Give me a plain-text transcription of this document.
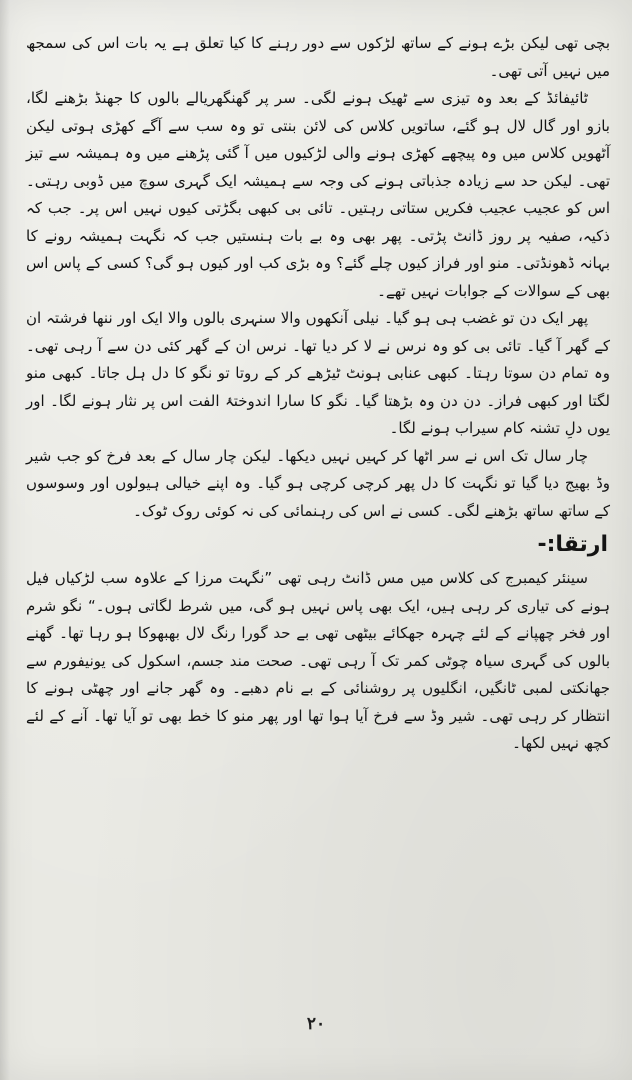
بچی تھی لیکن بڑے ہونے کے ساتھ لڑکوں سے دور رہنے کا کیا تعلق ہے یہ بات اس کی سمجھ میں نہیں آتی تھی۔

ٹائیفائڈ کے بعد وہ تیزی سے ٹھیک ہونے لگی۔ سر پر گھنگھریالے بالوں کا جھنڈ بڑھنے لگا، بازو اور گال لال ہو گئے، ساتویں کلاس کی لائن بنتی تو وہ سب سے آگے کھڑی ہوتی لیکن آٹھویں کلاس میں وہ پیچھے کھڑی ہونے والی لڑکیوں میں آ گئی پڑھنے میں وہ ہمیشہ سے تیز تھی۔ لیکن حد سے زیادہ جذباتی ہونے کی وجہ سے ہمیشہ ایک گہری سوچ میں ڈوبی رہتی۔ اس کو عجیب عجیب فکریں ستاتی رہتیں۔ تائی بی کبھی بگڑتی کیوں نہیں اس پر۔ جب کہ ذکیہ، صفیہ پر روز ڈانٹ پڑتی۔ پھر بھی وہ بے بات ہنستیں جب کہ نگہت ہمیشہ رونے کا بہانہ ڈھونڈتی۔ منو اور فراز کیوں چلے گئے؟ وہ بڑی کب اور کیوں ہو گی؟ کسی کے پاس اس بھی کے سوالات کے جوابات نہیں تھے۔

پھر ایک دن تو غضب ہی ہو گیا۔ نیلی آنکھوں والا سنہری بالوں والا ایک اور ننھا فرشتہ ان کے گھر آ گیا۔ تائی بی کو وہ نرس نے لا کر دیا تھا۔ نرس ان کے گھر کئی دن سے آ رہی تھی۔ وہ تمام دن سوتا رہتا۔ کبھی عنابی ہونٹ ٹیڑھے کر کے روتا تو نگو کا دل ہل جاتا۔ کبھی منو لگتا اور کبھی فراز۔ دن دن وہ بڑھتا گیا۔ نگو کا سارا اندوختۂ الفت اس پر نثار ہونے لگا۔ اور یوں دلِ تشنہ کام سیراب ہونے لگا۔

چار سال تک اس نے سر اٹھا کر کہیں نہیں دیکھا۔ لیکن چار سال کے بعد فرخ کو جب شیر وڈ بھیج دیا گیا تو نگہت کا دل پھر کرچی کرچی ہو گیا۔ وہ اپنے خیالی ہیولوں اور وسوسوں کے ساتھ ساتھ بڑھنے لگی۔ کسی نے اس کی رہنمائی کی نہ کوئی روک ٹوک۔

ارتقا:-

سینئر کیمبرج کی کلاس میں مس ڈانٹ رہی تھی ”نگہت مرزا کے علاوہ سب لڑکیاں فیل ہونے کی تیاری کر رہی ہیں، ایک بھی پاس نہیں ہو گی، میں شرط لگاتی ہوں۔“ نگو شرم اور فخر چھپانے کے لئے چہرہ جھکائے بیٹھی تھی بے حد گورا رنگ لال بھبھوکا ہو رہا تھا۔ گھنے بالوں کی گہری سیاہ چوٹی کمر تک آ رہی تھی۔ صحت مند جسم، اسکول کی یونیفورم سے جھانکتی لمبی ٹانگیں، انگلیوں پر روشنائی کے بے نام دھبے۔ وہ گھر جانے اور چھٹی ہونے کا انتظار کر رہی تھی۔ شیر وڈ سے فرخ آیا ہوا تھا اور پھر منو کا خط بھی تو آیا تھا۔ آنے کے لئے کچھ نہیں لکھا۔

۲۰
